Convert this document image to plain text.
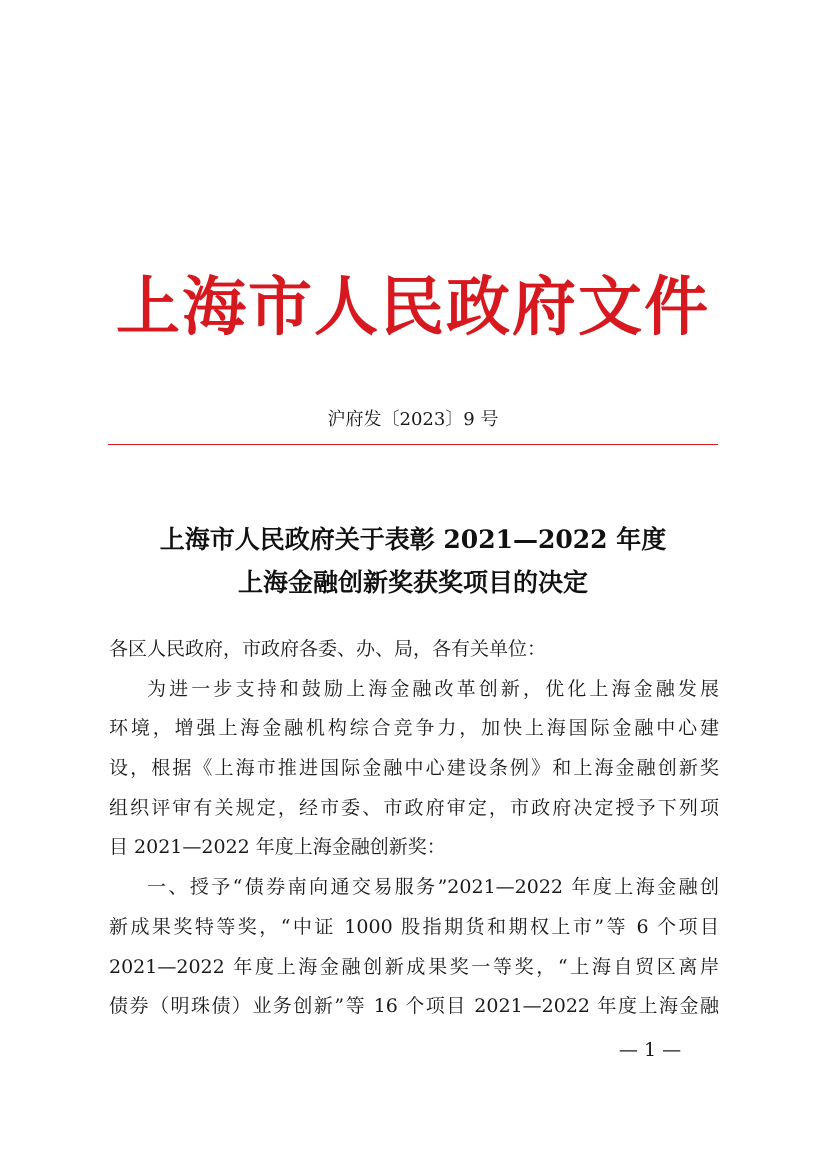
上海市人民政府文件
沪府发〔2023〕9 号
上海市人民政府关于表彰 2021—2022 年度
上海金融创新奖获奖项目的决定
各区人民政府，市政府各委、办、局，各有关单位：
为进一步支持和鼓励上海金融改革创新，优化上海金融发展
环境，增强上海金融机构综合竞争力，加快上海国际金融中心建
设，根据《上海市推进国际金融中心建设条例》和上海金融创新奖
组织评审有关规定，经市委、市政府审定，市政府决定授予下列项
目 2021—2022 年度上海金融创新奖：
一、授予“债券南向通交易服务”2021—2022 年度上海金融创
新成果奖特等奖，“中证 1000 股指期货和期权上市”等 6 个项目
2021—2022 年度上海金融创新成果奖一等奖，“上海自贸区离岸
债券（明珠债）业务创新”等 16 个项目 2021—2022 年度上海金融
— 1 —
